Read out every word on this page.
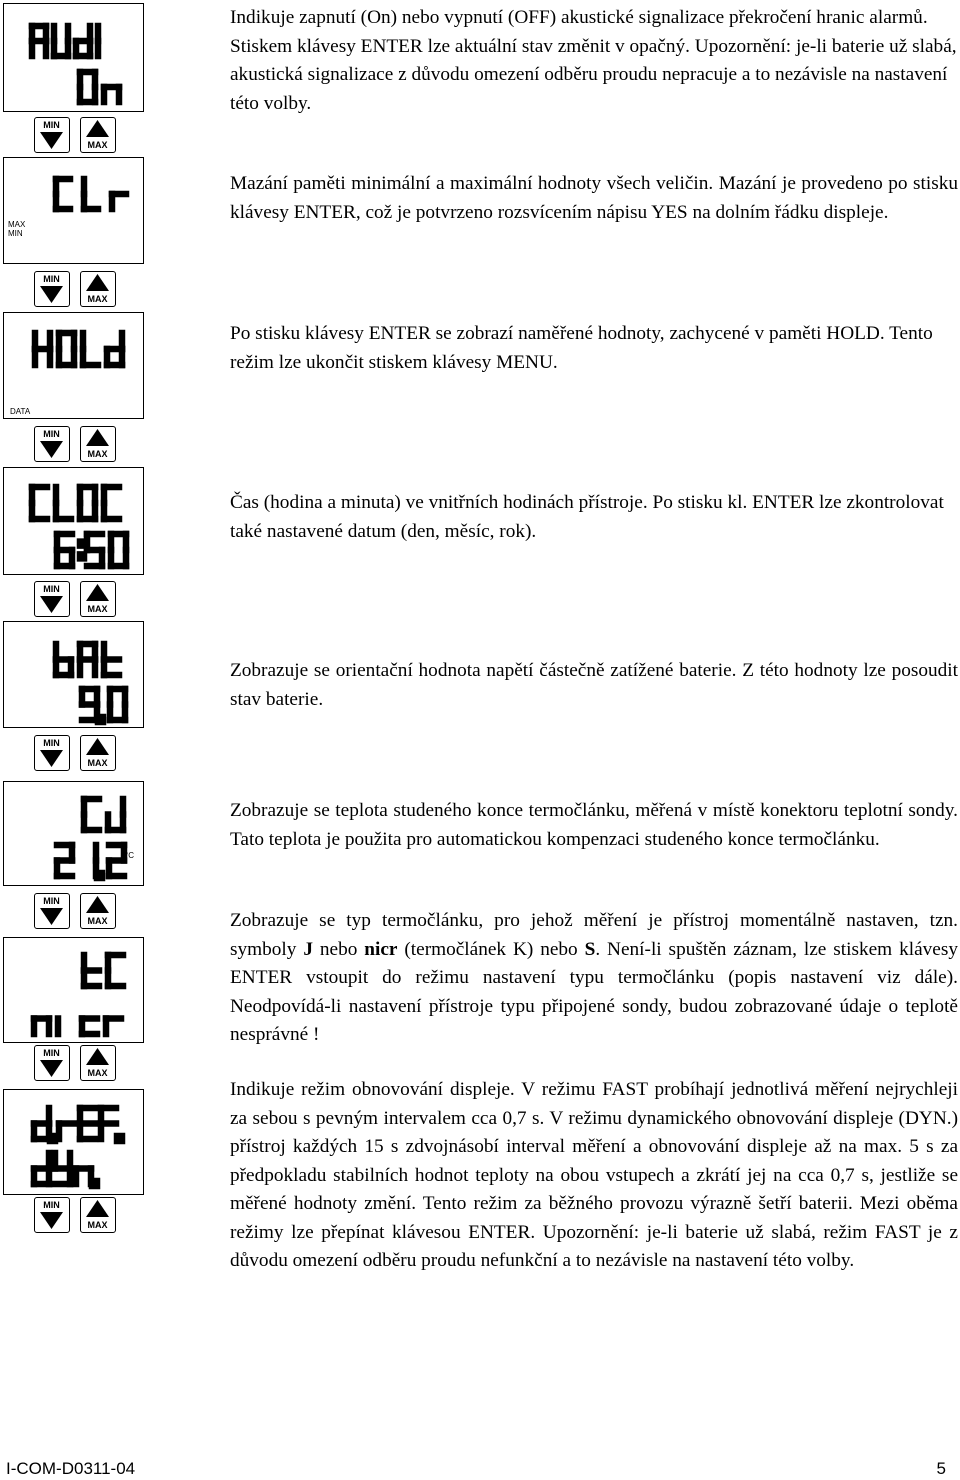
MAX
MIN
DATA
°C
MIN
MAX
MIN
MAX
MIN
MAX
MIN
MAX
MIN
MAX
MIN
MAX
MIN
MAX
MIN
MAX
Indikuje zapnutí (On) nebo vypnutí (OFF) akustické signalizace překročení hranic alarmů. Stiskem klávesy ENTER lze aktuální stav změnit v opačný. Upozornění: je-li baterie už slabá, akustická signalizace z důvodu omezení odběru proudu nepracuje a to nezávisle na nastavení této volby.
Mazání paměti minimální a maximální hodnoty všech veličin. Mazání je provedeno po stisku klávesy ENTER, což je potvrzeno rozsvícením nápisu YES na dolním řádku displeje.
Po stisku klávesy ENTER se zobrazí naměřené hodnoty, zachycené v paměti HOLD. Tento režim lze ukončit stiskem klávesy MENU.
Čas (hodina a minuta) ve vnitřních hodinách přístroje. Po stisku kl. ENTER lze zkontrolovat také nastavené datum (den, měsíc, rok).
Zobrazuje se orientační hodnota napětí částečně zatížené baterie. Z této hodnoty lze posoudit stav baterie.
Zobrazuje se teplota studeného konce termočlánku, měřená v místě konektoru teplotní sondy. Tato teplota je použita pro automatickou kompenzaci studeného konce termočlánku.
Zobrazuje se typ termočlánku, pro jehož měření je přístroj momentálně nastaven, tzn. symboly J nebo nicr (termočlánek K) nebo S. Není-li spuštěn záznam, lze stiskem klávesy ENTER vstoupit do režimu nastavení typu termočlánku (popis nastavení viz dále). Neodpovídá-li nastavení přístroje typu připojené sondy, budou zobrazované údaje o teplotě nesprávné !
Indikuje režim obnovování displeje. V režimu FAST probíhají jednotlivá měření nejrychleji za sebou s pevným intervalem cca 0,7 s. V režimu dynamického obnovování displeje (DYN.) přístroj každých 15 s zdvojnásobí interval měření a obnovování displeje až na max. 5 s za předpokladu stabilních hodnot teploty na obou vstupech a zkrátí jej na cca 0,7 s, jestliže se měřené hodnoty změní. Tento režim za běžného provozu výrazně šetří baterii. Mezi oběma režimy lze přepínat klávesou ENTER. Upozornění: je-li baterie už slabá, režim FAST je z důvodu omezení odběru proudu nefunkční a to nezávisle na nastavení této volby.
I-COM-D0311-04	5
